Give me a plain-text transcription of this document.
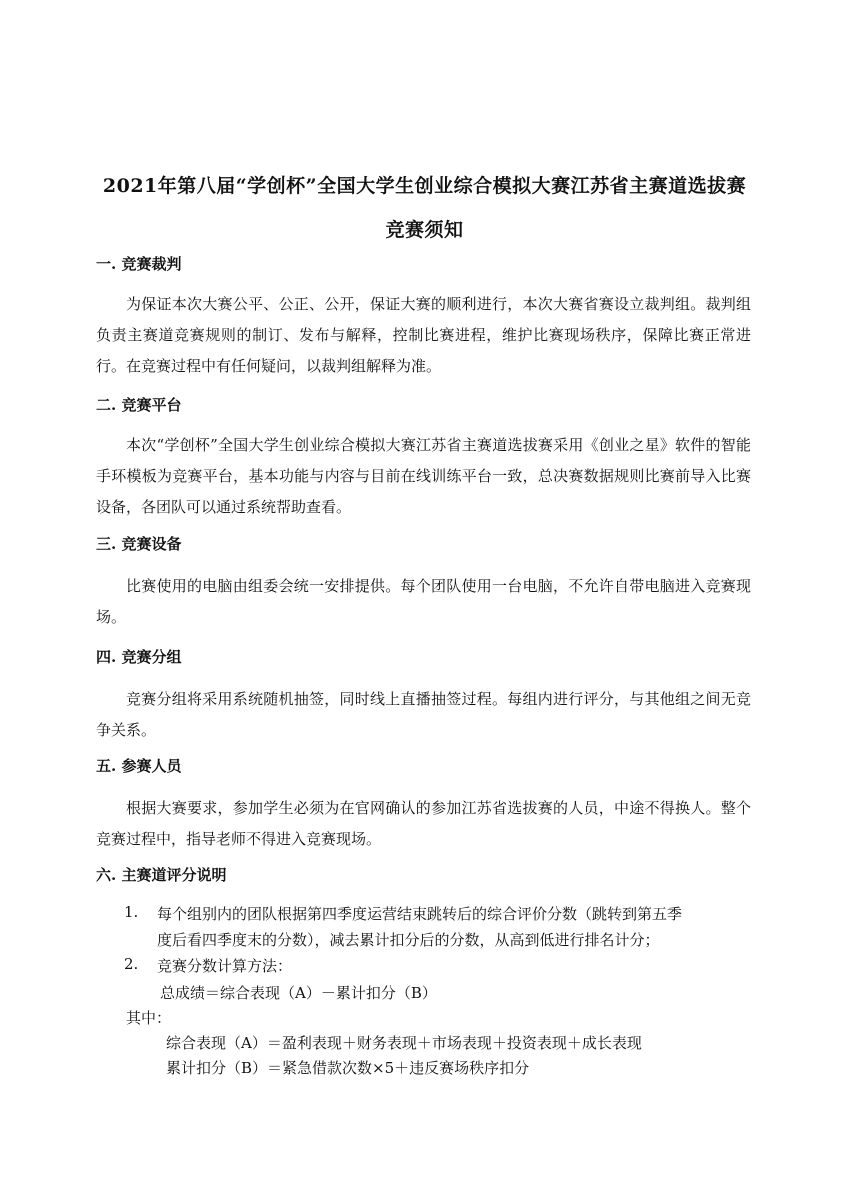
2021年第八届“学创杯”全国大学生创业综合模拟大赛江苏省主赛道选拔赛
竞赛须知
一. 竞赛裁判

为保证本次大赛公平、公正、公开，保证大赛的顺利进行，本次大赛省赛设立裁判组。裁判组负责主赛道竞赛规则的制订、发布与解释，控制比赛进程，维护比赛现场秩序，保障比赛正常进行。在竞赛过程中有任何疑问，以裁判组解释为准。

二. 竞赛平台

本次“学创杯”全国大学生创业综合模拟大赛江苏省主赛道选拔赛采用《创业之星》软件的智能手环模板为竞赛平台，基本功能与内容与目前在线训练平台一致，总决赛数据规则比赛前导入比赛设备，各团队可以通过系统帮助查看。

三. 竞赛设备

比赛使用的电脑由组委会统一安排提供。每个团队使用一台电脑，不允许自带电脑进入竞赛现场。

四. 竞赛分组

竞赛分组将采用系统随机抽签，同时线上直播抽签过程。每组内进行评分，与其他组之间无竞争关系。

五. 参赛人员

根据大赛要求，参加学生必须为在官网确认的参加江苏省选拔赛的人员，中途不得换人。整个竞赛过程中，指导老师不得进入竞赛现场。

六. 主赛道评分说明
1. 每个组别内的团队根据第四季度运营结束跳转后的综合评价分数（跳转到第五季
度后看四季度末的分数），减去累计扣分后的分数，从高到低进行排名计分；
2. 竞赛分数计算方法：
总成绩＝综合表现（A）－累计扣分（B）
其中：
综合表现（A）＝盈利表现＋财务表现＋市场表现＋投资表现＋成长表现
累计扣分（B）＝紧急借款次数×5＋违反赛场秩序扣分
